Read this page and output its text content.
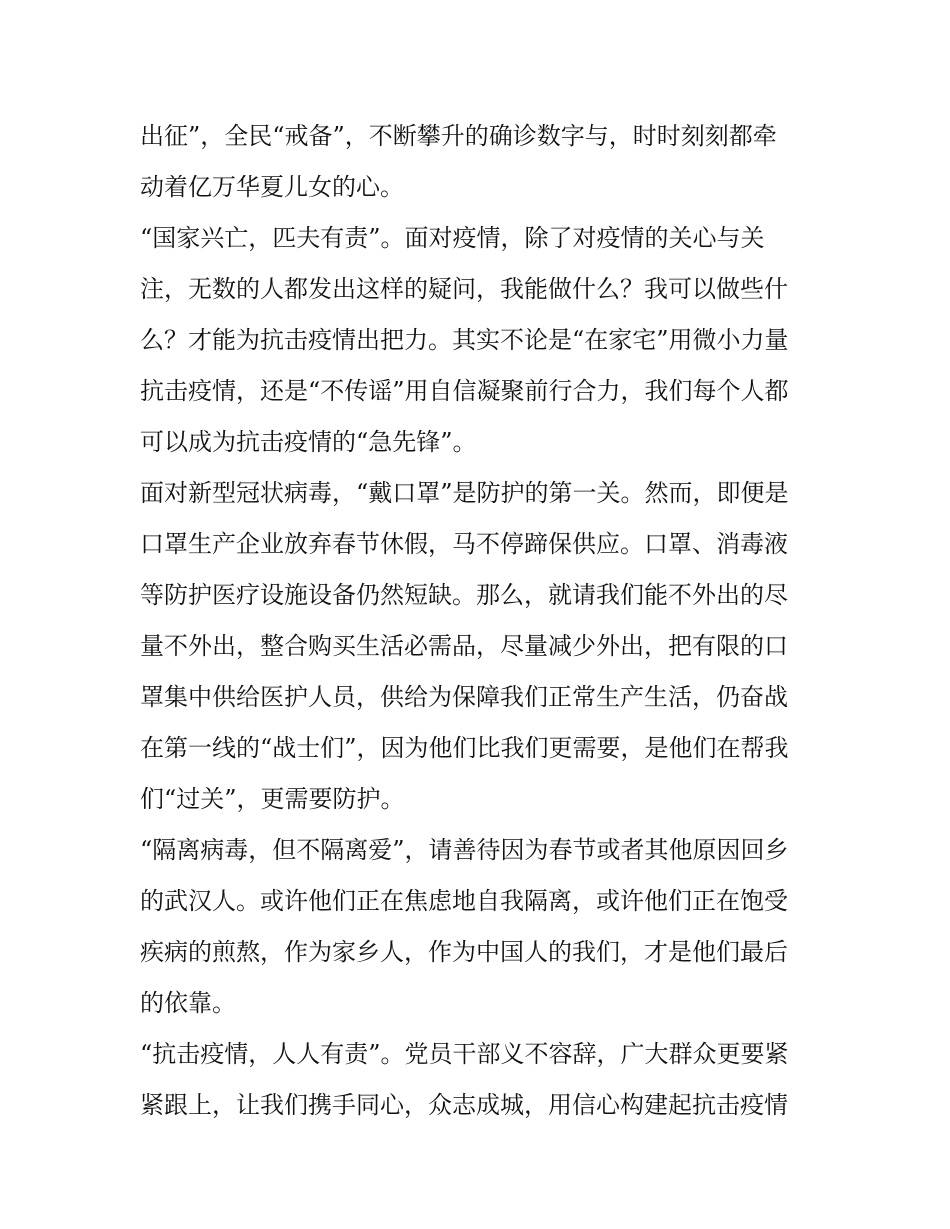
出征”，全民“戒备”，不断攀升的确诊数字与，时时刻刻都牵
动着亿万华夏儿女的心。
“国家兴亡，匹夫有责”。面对疫情，除了对疫情的关心与关
注，无数的人都发出这样的疑问，我能做什么？我可以做些什
么？才能为抗击疫情出把力。其实不论是“在家宅”用微小力量
抗击疫情，还是“不传谣”用自信凝聚前行合力，我们每个人都
可以成为抗击疫情的“急先锋”。
面对新型冠状病毒，“戴口罩”是防护的第一关。然而，即便是
口罩生产企业放弃春节休假，马不停蹄保供应。口罩、消毒液
等防护医疗设施设备仍然短缺。那么，就请我们能不外出的尽
量不外出，整合购买生活必需品，尽量减少外出，把有限的口
罩集中供给医护人员，供给为保障我们正常生产生活，仍奋战
在第一线的“战士们”，因为他们比我们更需要，是他们在帮我
们“过关”，更需要防护。
“隔离病毒，但不隔离爱”，请善待因为春节或者其他原因回乡
的武汉人。或许他们正在焦虑地自我隔离，或许他们正在饱受
疾病的煎熬，作为家乡人，作为中国人的我们，才是他们最后
的依靠。
“抗击疫情，人人有责”。党员干部义不容辞，广大群众更要紧
紧跟上，让我们携手同心，众志成城，用信心构建起抗击疫情
